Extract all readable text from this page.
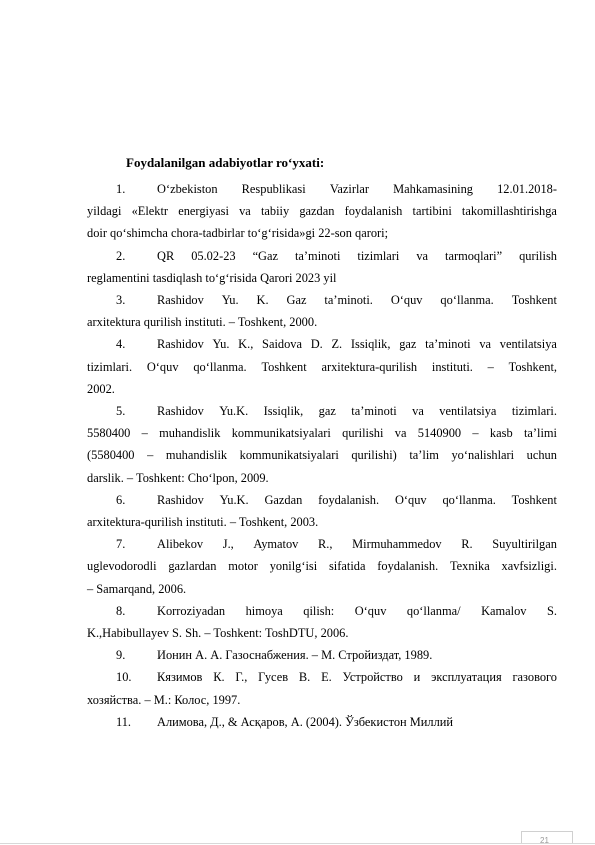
Foydalanilgan adabiyotlar ro‘yxati:
1.	O‘zbekiston Respublikasi Vazirlar Mahkamasining 12.01.2018-
yildagi «Elektr energiyasi va tabiiy gazdan foydalanish tartibini takomillashtirishga
doir qo‘shimcha chora-tadbirlar to‘g‘risida»gi 22-son qarori;
2.	QR 05.02-23 “Gaz ta’minoti tizimlari va tarmoqlari” qurilish
reglamentini tasdiqlash to‘g‘risida Qarori 2023 yil
3.	Rashidov Yu. K. Gaz ta’minoti. O‘quv qo‘llanma. Toshkent
arxitektura qurilish instituti. – Toshkent, 2000.
4.	Rashidov Yu. K., Saidova D. Z. Issiqlik, gaz ta’minoti va ventilatsiya
tizimlari. O‘quv qo‘llanma. Toshkent arxitektura-qurilish instituti. – Toshkent,
2002.
5.	Rashidov Yu.K. Issiqlik, gaz ta’minoti va ventilatsiya tizimlari.
5580400 – muhandislik kommunikatsiyalari qurilishi va 5140900 – kasb ta’limi
(5580400 – muhandislik kommunikatsiyalari qurilishi) ta’lim yo‘nalishlari uchun
darslik. – Toshkent: Cho‘lpon, 2009.
6.	Rashidov Yu.K. Gazdan foydalanish. O‘quv qo‘llanma. Toshkent
arxitektura-qurilish instituti. – Toshkent, 2003.
7.	Alibekov J., Aymatov R., Mirmuhammedov R. Suyultirilgan
uglevodorodli gazlardan motor yonilg‘isi sifatida foydalanish. Texnika xavfsizligi.
– Samarqand, 2006.
8.	Korroziyadan himoya qilish: O‘quv qo‘llanma/ Kamalov S.
K.,Habibullayev S. Sh. – Toshkent: ToshDTU, 2006.
9.	Ионин А. А. Газоснабжения. – М. Стройиздат, 1989.
10.	Кязимов К. Г., Гусев В. Е. Устройство и эксплуатация газового
хозяйства. – М.: Колос, 1997.
11.	Алимова, Д., & Асқаров, А. (2004). Ўзбекистон Миллий
21
